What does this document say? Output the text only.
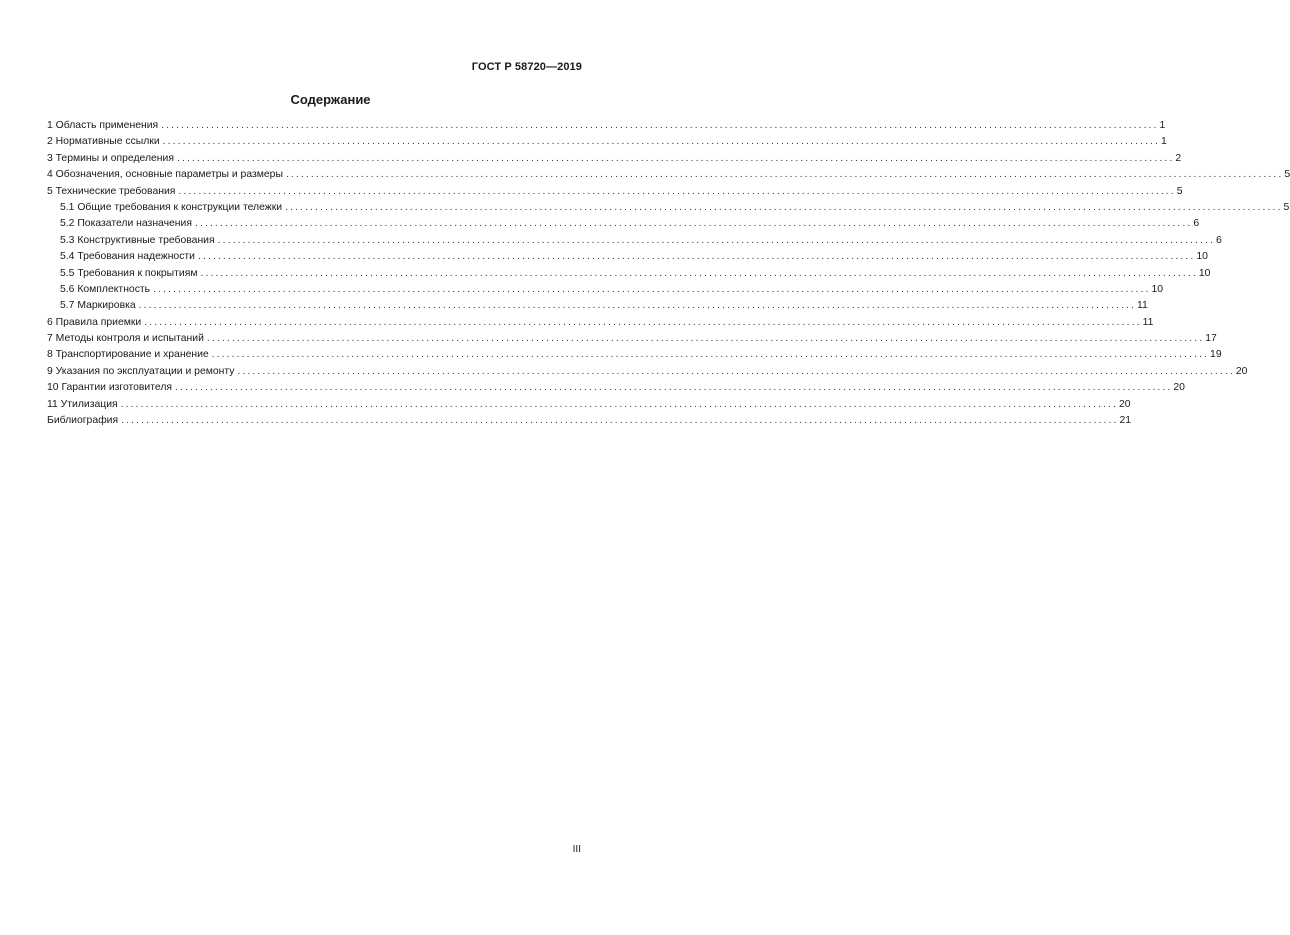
ГОСТ Р 58720—2019
Содержание
1 Область применения ........................................................................................................................................................................................................ 1
2 Нормативные ссылки ........................................................................................................................................................................................................ 1
3 Термины и определения ........................................................................................................................................................................................................ 2
4 Обозначения, основные параметры и размеры ........................................................................................................................................................................................................ 5
5 Технические требования ........................................................................................................................................................................................................ 5
5.1 Общие требования к конструкции тележки ........................................................................................................................................................................................................ 5
5.2 Показатели назначения ........................................................................................................................................................................................................ 6
5.3 Конструктивные требования ........................................................................................................................................................................................................ 6
5.4 Требования надежности ........................................................................................................................................................................................................ 10
5.5 Требования к покрытиям ........................................................................................................................................................................................................ 10
5.6 Комплектность ........................................................................................................................................................................................................ 10
5.7 Маркировка ........................................................................................................................................................................................................ 11
6 Правила приемки ........................................................................................................................................................................................................ 11
7 Методы контроля и испытаний ........................................................................................................................................................................................................ 17
8 Транспортирование и хранение ........................................................................................................................................................................................................ 19
9 Указания по эксплуатации и ремонту ........................................................................................................................................................................................................ 20
10 Гарантии изготовителя ........................................................................................................................................................................................................ 20
11 Утилизация ........................................................................................................................................................................................................ 20
Библиография ........................................................................................................................................................................................................ 21
III
